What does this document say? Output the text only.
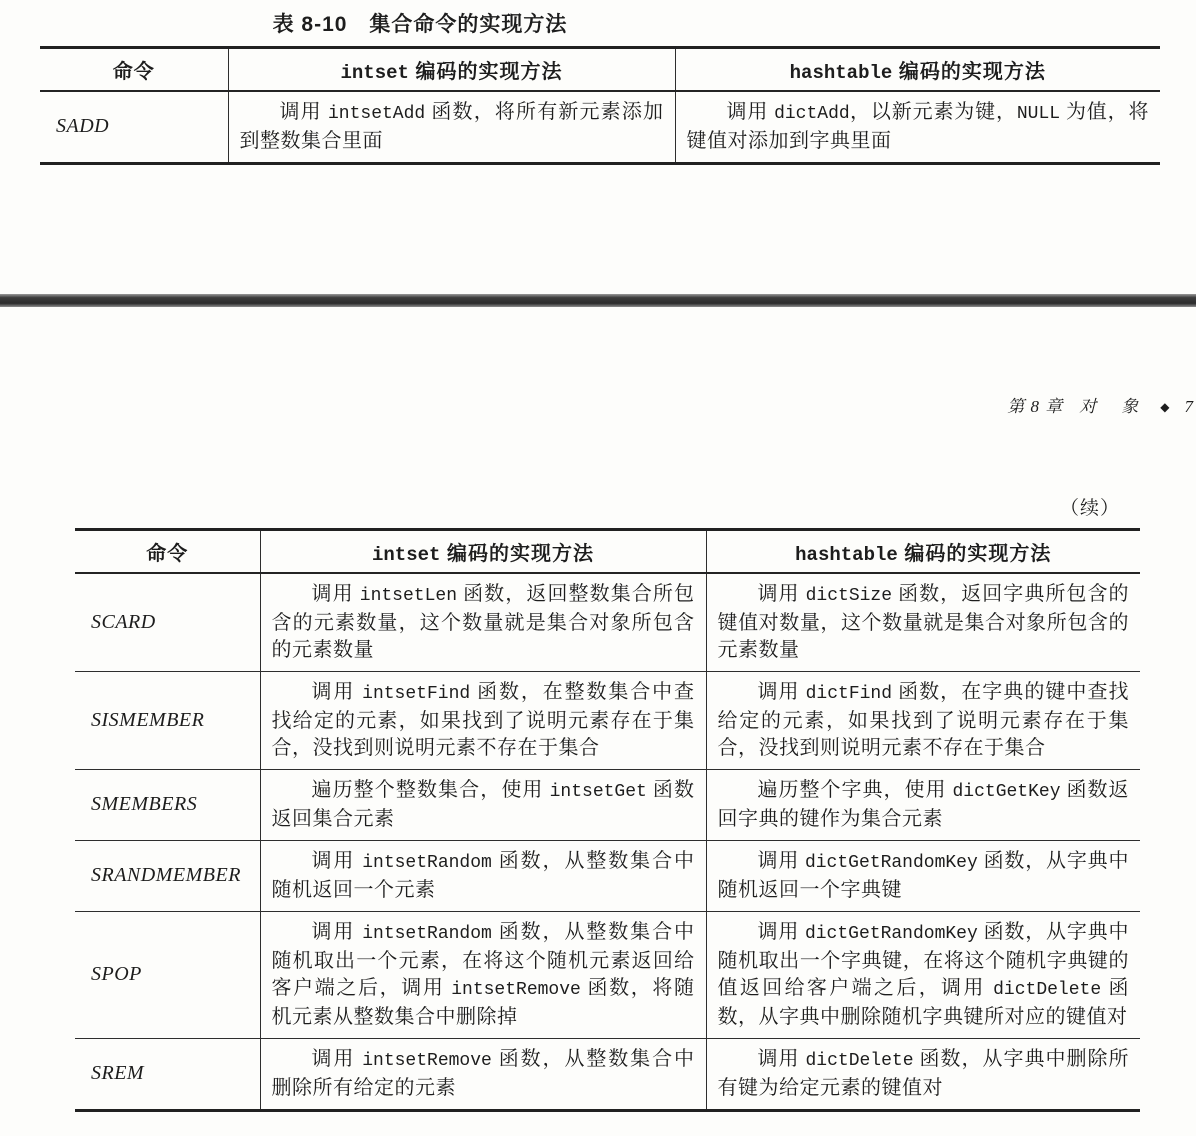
表 8-10　集合命令的实现方法
命令	intset 编码的实现方法	hashtable 编码的实现方法
SADD	调用 intsetAdd 函数，将所有新元素添加到整数集合里面	调用 dictAdd，以新元素为键，NULL 为值，将键值对添加到字典里面
第 8 章 对　象 ◆ 7
（续）
命令	intset 编码的实现方法	hashtable 编码的实现方法
SCARD	调用 intsetLen 函数，返回整数集合所包含的元素数量，这个数量就是集合对象所包含的元素数量	调用 dictSize 函数，返回字典所包含的键值对数量，这个数量就是集合对象所包含的元素数量
SISMEMBER	调用 intsetFind 函数，在整数集合中查找给定的元素，如果找到了说明元素存在于集合，没找到则说明元素不存在于集合	调用 dictFind 函数，在字典的键中查找给定的元素，如果找到了说明元素存在于集合，没找到则说明元素不存在于集合
SMEMBERS	遍历整个整数集合，使用 intsetGet 函数返回集合元素	遍历整个字典，使用 dictGetKey 函数返回字典的键作为集合元素
SRANDMEMBER	调用 intsetRandom 函数，从整数集合中随机返回一个元素	调用 dictGetRandomKey 函数，从字典中随机返回一个字典键
SPOP	调用 intsetRandom 函数，从整数集合中随机取出一个元素，在将这个随机元素返回给客户端之后，调用 intsetRemove 函数，将随机元素从整数集合中删除掉	调用 dictGetRandomKey 函数，从字典中随机取出一个字典键，在将这个随机字典键的值返回给客户端之后，调用 dictDelete 函数，从字典中删除随机字典键所对应的键值对
SREM	调用 intsetRemove 函数，从整数集合中删除所有给定的元素	调用 dictDelete 函数，从字典中删除所有键为给定元素的键值对
